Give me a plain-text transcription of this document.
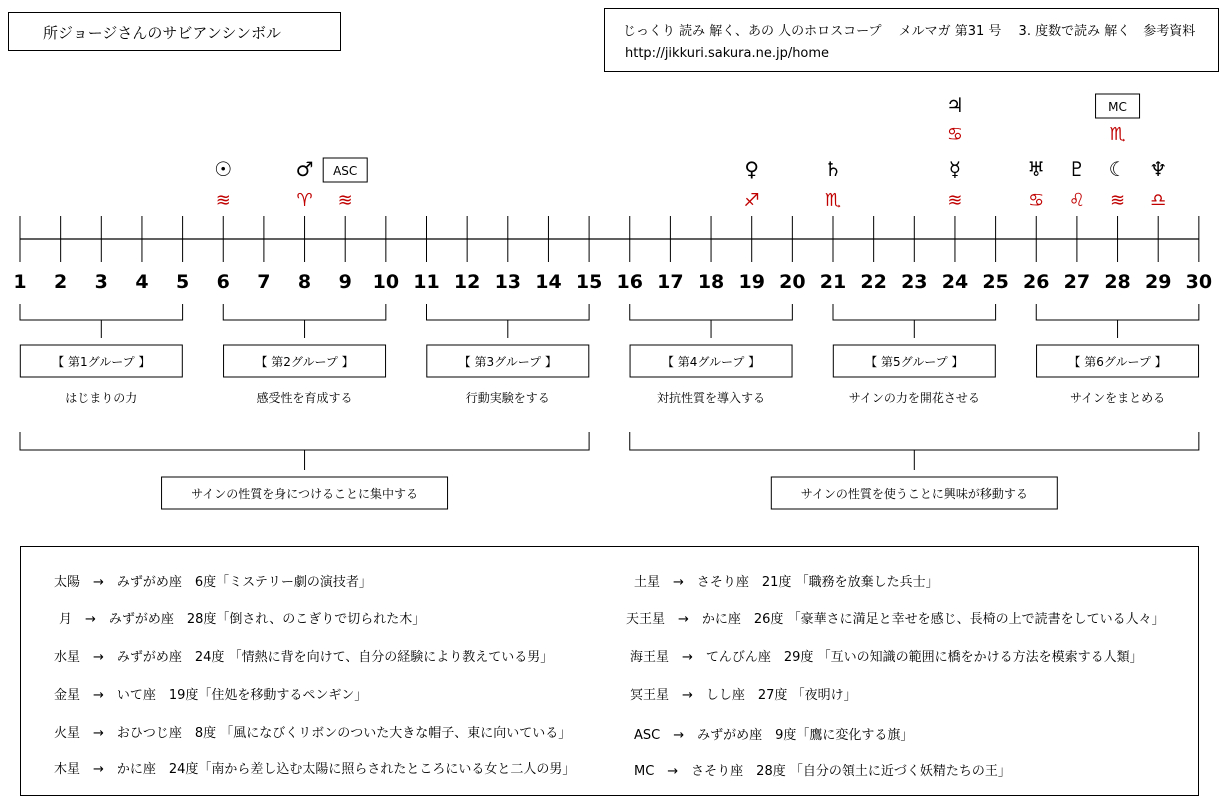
所ジョージさんのサビアンシンボル	じっくり 読み 解く、あの 人のホロスコープ　 メルマガ 第31 号　 3. 度数で読み 解く　参考資料
http://jikkuri.sakura.ne.jp/home
1 2 3 4 5 6 7 8 9 10 11 12 13 14 15 16 17 18 19 20 21 22 23 24 25 26 27 28 29 30
≋
☉
♈
♂
≋
ASC
♐
♀
♏
♄
≋
☿
♋
♃
♋
♅
♌
♇
≋
☾
♏
MC
♎
♆
【 第1グループ 】
はじまりの力
【 第2グループ 】
感受性を育成する
【 第3グループ 】
行動実験をする
【 第4グループ 】
対抗性質を導入する
【 第5グループ 】
サインの力を開花させる
【 第6グループ 】
サインをまとめる
サインの性質を身につけることに集中する	サインの性質を使うことに興味が移動する
太陽　→　みずがめ座　6度「ミステリー劇の演技者」
月　→　みずがめ座　28度「倒され、のこぎりで切られた木」
水星　→　みずがめ座　24度 「情熱に背を向けて、自分の経験により教えている男」
金星　→　いて座　19度「住処を移動するペンギン」
火星　→　おひつじ座　8度 「風になびくリボンのついた大きな帽子、東に向いている」
木星　→　かに座　24度「南から差し込む太陽に照らされたところにいる女と二人の男」
土星　→　さそり座　21度 「職務を放棄した兵士」
天王星　→　かに座　26度 「豪華さに満足と幸せを感じ、長椅の上で読書をしている人々」
海王星　→　てんびん座　29度 「互いの知識の範囲に橋をかける方法を模索する人類」
冥王星　→　しし座　27度 「夜明け」
ASC　→　みずがめ座　9度「鷹に変化する旗」
MC　→　さそり座　28度 「自分の領土に近づく妖精たちの王」
